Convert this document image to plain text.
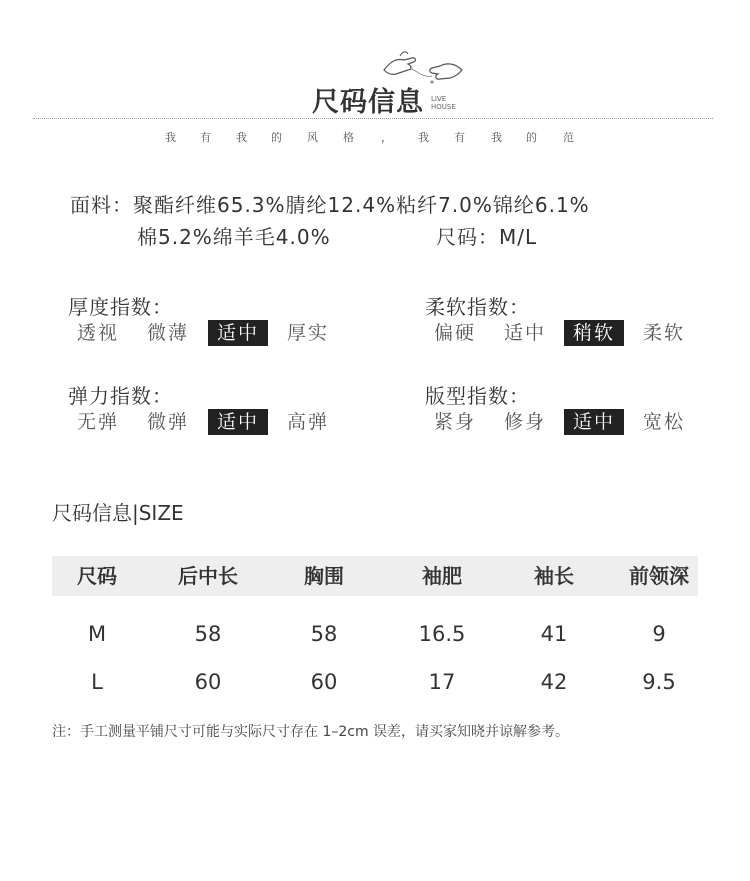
尺码信息 LIVE
HOUSE
我 有 我 的 风 格 ， 我 有 我 的 范
面料：聚酯纤维65.3%腈纶12.4%粘纤7.0%锦纶6.1%
棉5.2%绵羊毛4.0%	尺码：M/L
厚度指数：
透视	微薄	适中	厚实
柔软指数：
偏硬	适中	稍软	柔软
弹力指数：
无弹	微弹	适中	高弹
版型指数：
紧身	修身	适中	宽松
尺码信息|SIZE
尺码	后中长	胸围	袖肥	袖长	前领深
M	58	58	16.5	41	9
L	60	60	17	42	9.5
注：手工测量平铺尺寸可能与实际尺寸存在 1–2cm 误差，请买家知晓并谅解参考。
